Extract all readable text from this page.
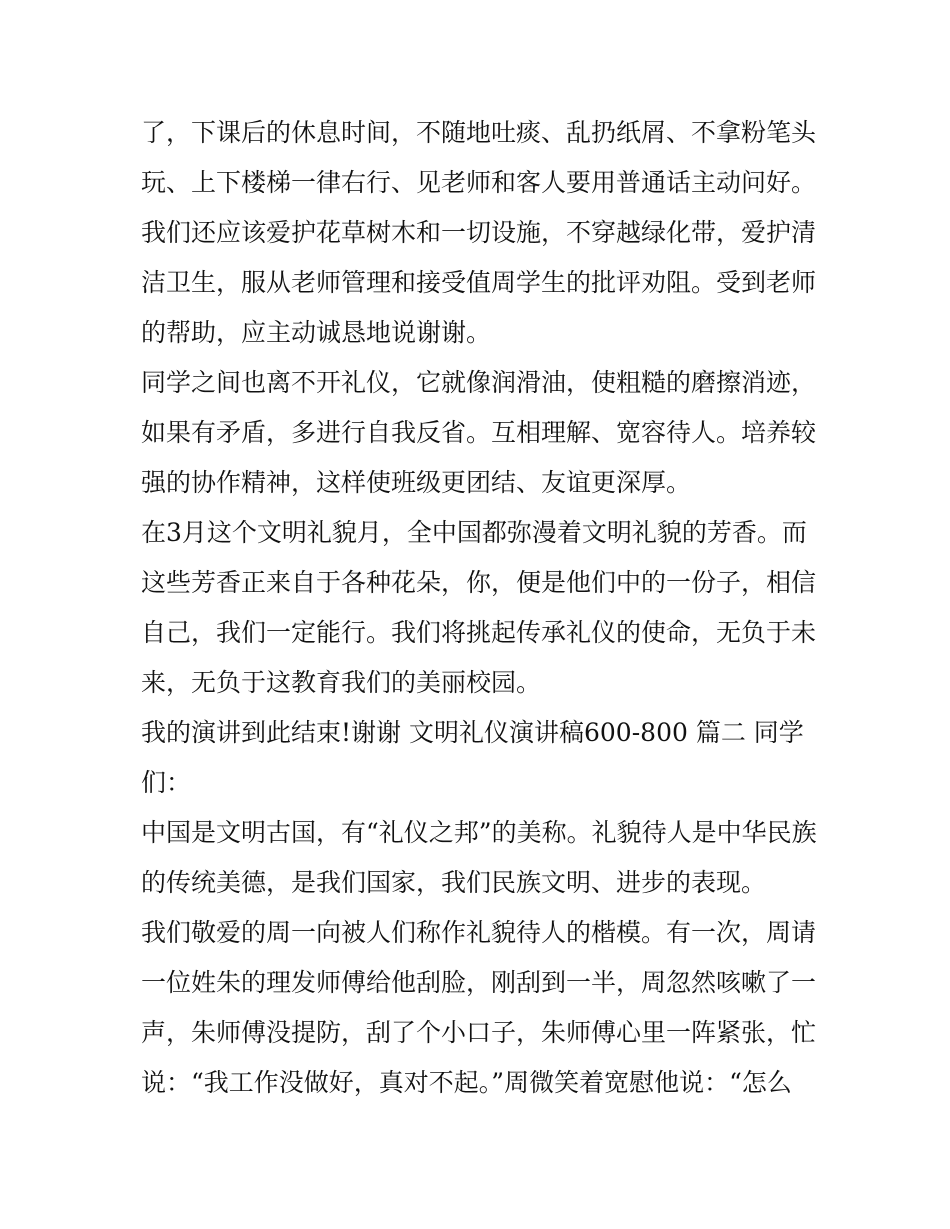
了，下课后的休息时间，不随地吐痰、乱扔纸屑、不拿粉笔头
玩、上下楼梯一律右行、见老师和客人要用普通话主动问好。
我们还应该爱护花草树木和一切设施，不穿越绿化带，爱护清
洁卫生，服从老师管理和接受值周学生的批评劝阻。受到老师
的帮助，应主动诚恳地说谢谢。
同学之间也离不开礼仪，它就像润滑油，使粗糙的磨擦消迹，
如果有矛盾，多进行自我反省。互相理解、宽容待人。培养较
强的协作精神，这样使班级更团结、友谊更深厚。
在3月这个文明礼貌月，全中国都弥漫着文明礼貌的芳香。而
这些芳香正来自于各种花朵，你，便是他们中的一份子，相信
自己，我们一定能行。我们将挑起传承礼仪的使命，无负于未
来，无负于这教育我们的美丽校园。
我的演讲到此结束!谢谢 文明礼仪演讲稿600-800 篇二 同学
们：
中国是文明古国，有“礼仪之邦”的美称。礼貌待人是中华民族
的传统美德，是我们国家，我们民族文明、进步的表现。
我们敬爱的周一向被人们称作礼貌待人的楷模。有一次，周请
一位姓朱的理发师傅给他刮脸，刚刮到一半，周忽然咳嗽了一
声，朱师傅没提防，刮了个小口子，朱师傅心里一阵紧张，忙
说：“我工作没做好，真对不起。”周微笑着宽慰他说：“怎么
